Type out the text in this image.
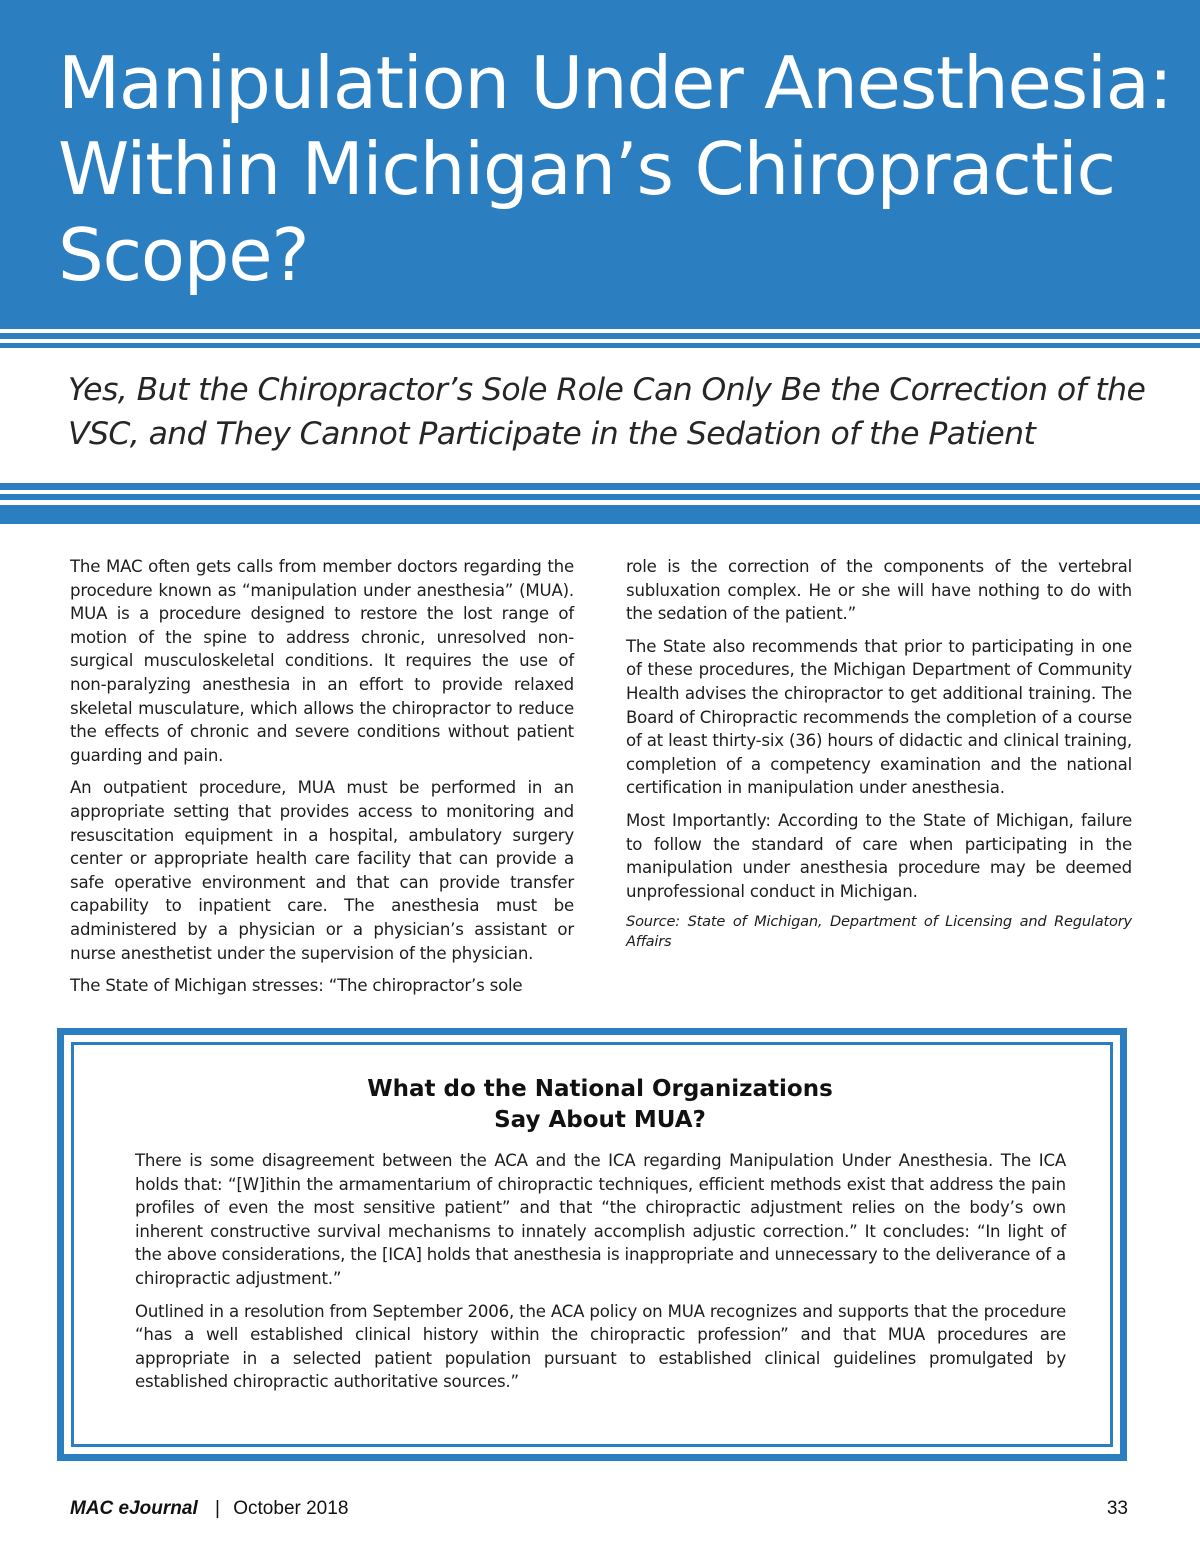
Manipulation Under Anesthesia: Within Michigan’s Chiropractic Scope?
Yes, But the Chiropractor’s Sole Role Can Only Be the Correction of the VSC, and They Cannot Participate in the Sedation of the Patient

The MAC often gets calls from member doctors regarding the procedure known as “manipulation under anesthesia” (MUA). MUA is a procedure designed to restore the lost range of motion of the spine to address chronic, unresolved non-surgical musculoskeletal conditions. It requires the use of non-paralyzing anesthesia in an effort to provide relaxed skeletal musculature, which allows the chiropractor to reduce the effects of chronic and severe conditions without patient guarding and pain.

An outpatient procedure, MUA must be performed in an appropriate setting that provides access to monitoring and resuscitation equipment in a hospital, ambulatory surgery center or appropriate health care facility that can provide a safe operative environment and that can provide transfer capability to inpatient care. The anesthesia must be administered by a physician or a physician’s assistant or nurse anesthetist under the supervision of the physician.

The State of Michigan stresses: “The chiropractor’s sole

role is the correction of the components of the vertebral subluxation complex. He or she will have nothing to do with the sedation of the patient.”

The State also recommends that prior to participating in one of these procedures, the Michigan Department of Community Health advises the chiropractor to get additional training. The Board of Chiropractic recommends the completion of a course of at least thirty-six (36) hours of didactic and clinical training, completion of a competency examination and the national certification in manipulation under anesthesia.

Most Importantly: According to the State of Michigan, failure to follow the standard of care when participating in the manipulation under anesthesia procedure may be deemed unprofessional conduct in Michigan.

Source: State of Michigan, Department of Licensing and Regulatory Affairs

What do the National Organizations
Say About MUA?

There is some disagreement between the ACA and the ICA regarding Manipulation Under Anesthesia. The ICA holds that: “[W]ithin the armamentarium of chiropractic techniques, efficient methods exist that address the pain profiles of even the most sensitive patient” and that “the chiropractic adjustment relies on the body’s own inherent constructive survival mechanisms to innately accomplish adjustic correction.” It concludes: “In light of the above considerations, the [ICA] holds that anesthesia is inappropriate and unnecessary to the deliverance of a chiropractic adjustment.”

Outlined in a resolution from September 2006, the ACA policy on MUA recognizes and supports that the procedure “has a well established clinical history within the chiropractic profession” and that MUA procedures are appropriate in a selected patient population pursuant to established clinical guidelines promulgated by established chiropractic authoritative sources.”

MAC eJournal | October 2018	33
